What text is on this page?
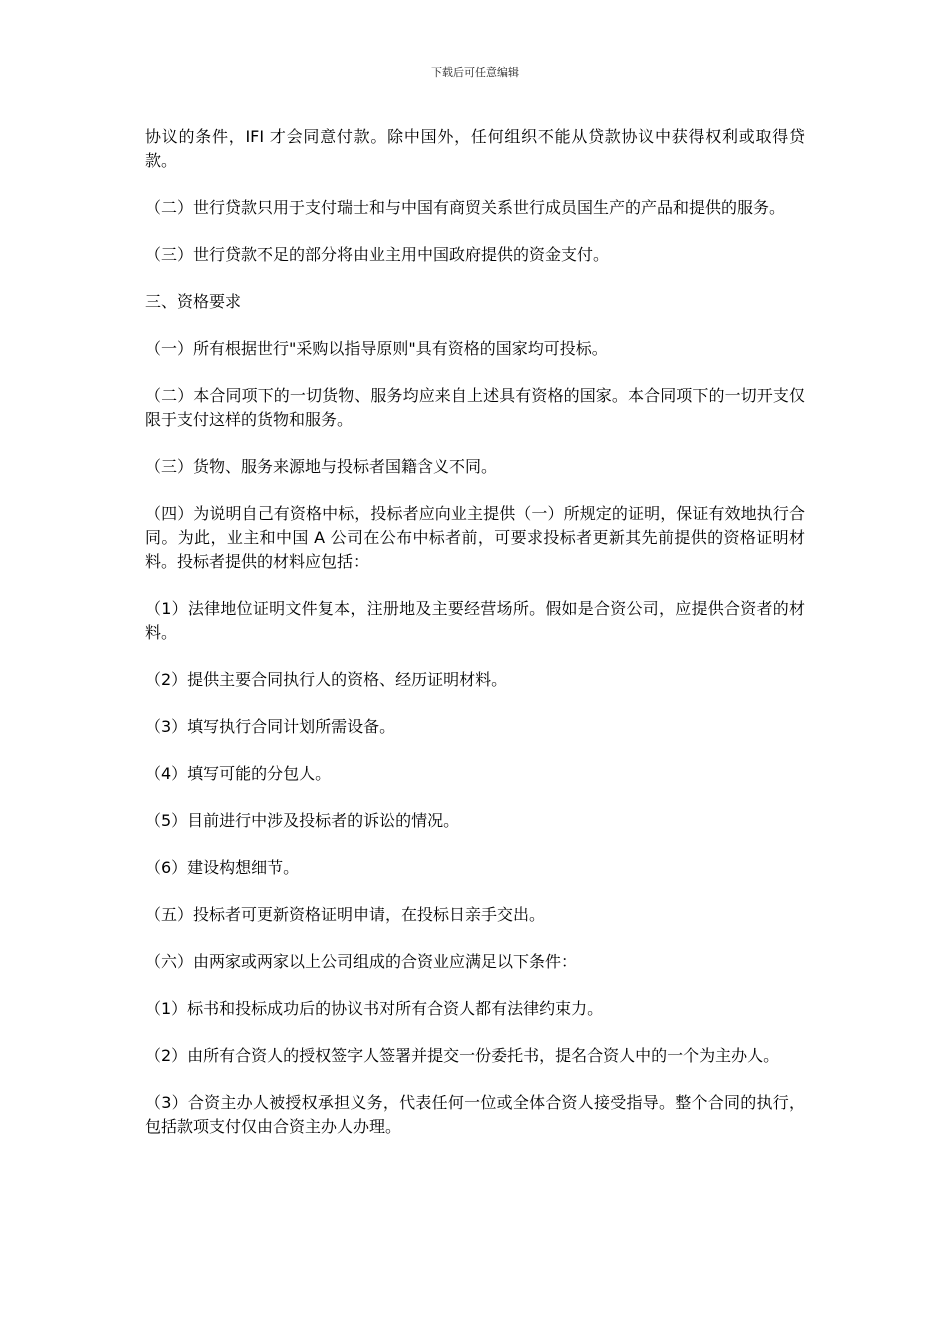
下载后可任意编辑

协议的条件，IFI 才会同意付款。除中国外，任何组织不能从贷款协议中获得权利或取得贷款。

（二）世行贷款只用于支付瑞士和与中国有商贸关系世行成员国生产的产品和提供的服务。

（三）世行贷款不足的部分将由业主用中国政府提供的资金支付。

三、资格要求

（一）所有根据世行"采购以指导原则"具有资格的国家均可投标。

（二）本合同项下的一切货物、服务均应来自上述具有资格的国家。本合同项下的一切开支仅限于支付这样的货物和服务。

（三）货物、服务来源地与投标者国籍含义不同。

（四）为说明自己有资格中标，投标者应向业主提供（一）所规定的证明，保证有效地执行合同。为此，业主和中国 A 公司在公布中标者前，可要求投标者更新其先前提供的资格证明材料。投标者提供的材料应包括：

（1）法律地位证明文件复本，注册地及主要经营场所。假如是合资公司，应提供合资者的材料。

（2）提供主要合同执行人的资格、经历证明材料。

（3）填写执行合同计划所需设备。

（4）填写可能的分包人。

（5）目前进行中涉及投标者的诉讼的情况。

（6）建设构想细节。

（五）投标者可更新资格证明申请，在投标日亲手交出。

（六）由两家或两家以上公司组成的合资业应满足以下条件：

（1）标书和投标成功后的协议书对所有合资人都有法律约束力。

（2）由所有合资人的授权签字人签署并提交一份委托书，提名合资人中的一个为主办人。

（3）合资主办人被授权承担义务，代表任何一位或全体合资人接受指导。整个合同的执行，包括款项支付仅由合资主办人办理。
